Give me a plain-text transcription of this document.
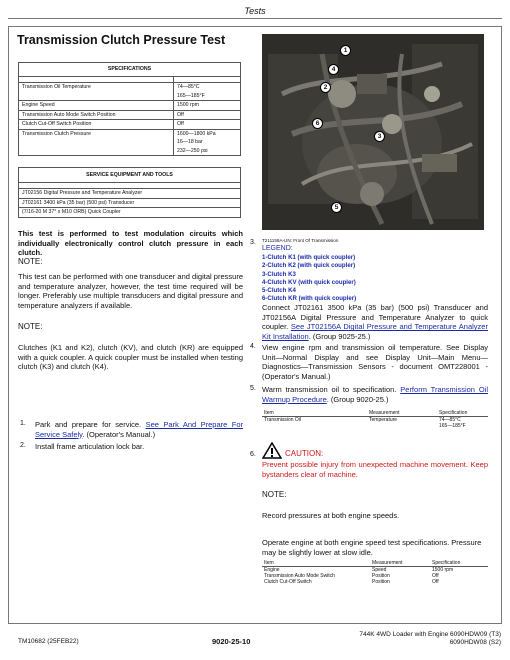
Tests
Transmission Clutch Pressure Test
SPECIFICATIONS	

Transmission Oil Temperature	74—85°C
165—185°F
Engine Speed	1500 rpm
Transmission Auto Mode Switch Position	Off
Clutch Cut-Off Switch Position	Off
Transmission Clutch Pressure	1600—1800 kPa
16—18 bar
232—250 psi
SERVICE EQUIPMENT AND TOOLS

JT02156 Digital Pressure and Temperature Analyzer
JT02161 3400 kPa (35 bar) (500 psi) Transducer
(7/16-20 M 37° x M10 ORB) Quick Coupler
This test is performed to test modulation circuits which individually electronically control clutch pressure in each clutch.
NOTE:
This test can be performed with one transducer and digital pressure and temperature analyzer, however, the test time required will be longer. Preferably use multiple transducers and digital pressure and temperature analyzers if available.
NOTE:
Clutches (K1 and K2), clutch (KV), and clutch (KR) are equipped with a quick coupler. A quick coupler must be installed when testing clutch (K3) and clutch (K4).
1. Park and prepare for service. See Park And Prepare For Service Safely. (Operator's Manual.)
2. Install frame articulation lock bar.
1
4
2
6
3
5
3. T211159A-UN: Front Of Transmission
LEGEND:
1-Clutch K1 (with quick coupler)
2-Clutch K2 (with quick coupler)
3-Clutch K3
4-Clutch KV (with quick coupler)
5-Clutch K4
6-Clutch KR (with quick coupler)
Connect JT02161 3500 kPa (35 bar) (500 psi) Transducer and JT02156A Digital Pressure and Temperature Analyzer to quick coupler. See JT02156A Digital Pressure and Temperature Analyzer Kit Installation. (Group 9025-25.)
4. View engine rpm and transmission oil temperature. See Display Unit—Normal Display and see Display Unit—Main Menu—Diagnostics—Transmission Sensors - document OMT228001 - (Operator's Manual.)
5. Warm transmission oil to specification. Perform Transmission Oil Warmup Procedure. (Group 9020-25.)
Item	Measurement	Specification
Transmission Oil	Temperature	74—85°C
165—185°F
6.	CAUTION:
Prevent possible injury from unexpected machine movement. Keep bystanders clear of machine.
NOTE:
Record pressures at both engine speeds.
Operate engine at both engine speed test specifications. Pressure may be slightly lower at slow idle.
Item	Measurement	Specification
Engine	Speed	1500 rpm
Transmission Auto Mode Switch	Position	Off
Clutch Cut-Off Switch	Position	Off
TM10682 (25FEB22)	9020-25-10
744K 4WD Loader with Engine 6090HDW09 (T3)
6090HDW08 (S2)
